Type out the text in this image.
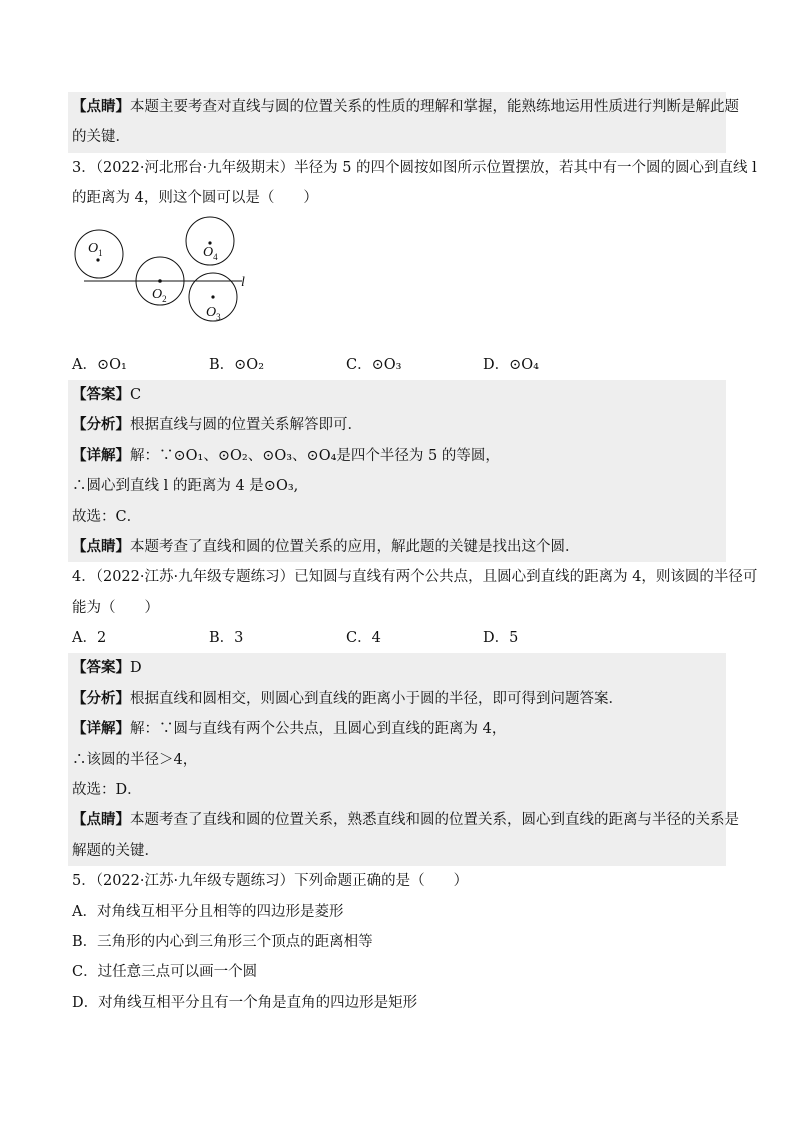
【点睛】本题主要考查对直线与圆的位置关系的性质的理解和掌握，能熟练地运用性质进行判断是解此题
的关键．
3．（2022·河北邢台·九年级期末）半径为 5 的四个圆按如图所示位置摆放，若其中有一个圆的圆心到直线 l
的距离为 4，则这个圆可以是（　　）
$O_1$
$O_2$
$O_4$
$O_3$
l
A．⊙O₁	B．⊙O₂	C．⊙O₃	D．⊙O₄
【答案】C
【分析】根据直线与圆的位置关系解答即可．
【详解】解：∵⊙O₁、⊙O₂、⊙O₃、⊙O₄是四个半径为 5 的等圆，
∴圆心到直线 l 的距离为 4 是⊙O₃,
故选：C．
【点睛】本题考查了直线和圆的位置关系的应用，解此题的关键是找出这个圆．
4．（2022·江苏·九年级专题练习）已知圆与直线有两个公共点，且圆心到直线的距离为 4，则该圆的半径可
能为（　　）
A．2	B．3	C．4	D．5
【答案】D
【分析】根据直线和圆相交，则圆心到直线的距离小于圆的半径，即可得到问题答案．
【详解】解：∵圆与直线有两个公共点，且圆心到直线的距离为 4，
∴该圆的半径＞4，
故选：D．
【点睛】本题考查了直线和圆的位置关系，熟悉直线和圆的位置关系，圆心到直线的距离与半径的关系是
解题的关键．
5．（2022·江苏·九年级专题练习）下列命题正确的是（　　）
A．对角线互相平分且相等的四边形是菱形
B．三角形的内心到三角形三个顶点的距离相等
C．过任意三点可以画一个圆
D．对角线互相平分且有一个角是直角的四边形是矩形
